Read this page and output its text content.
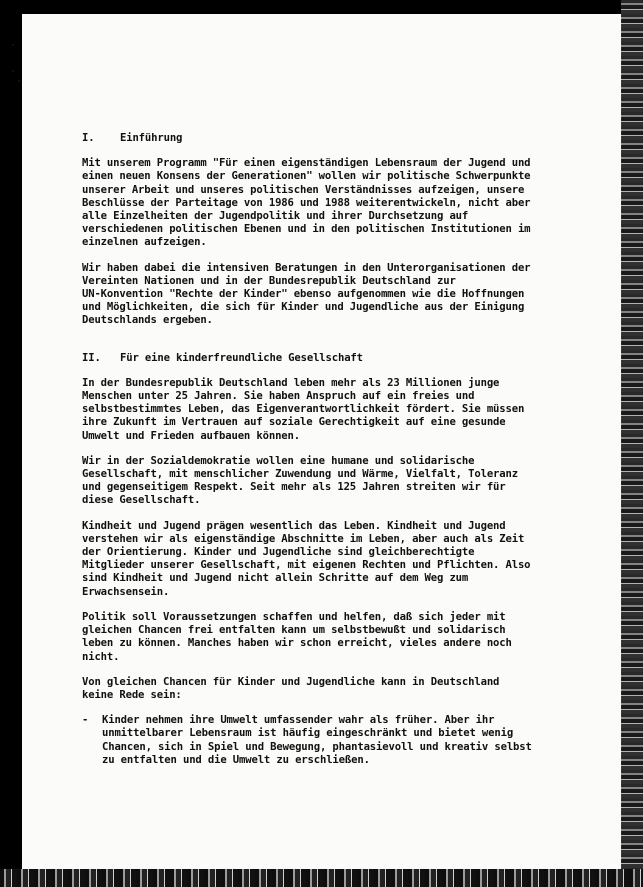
I.	Einführung
Mit unserem Programm "Für einen eigenständigen Lebensraum der Jugend und
einen neuen Konsens der Generationen" wollen wir politische Schwerpunkte
unserer Arbeit und unseres politischen Verständnisses aufzeigen, unsere
Beschlüsse der Parteitage von 1986 und 1988 weiterentwickeln, nicht aber
alle Einzelheiten der Jugendpolitik und ihrer Durchsetzung auf
verschiedenen politischen Ebenen und in den politischen Institutionen im
einzelnen aufzeigen.
Wir haben dabei die intensiven Beratungen in den Unterorganisationen der
Vereinten Nationen und in der Bundesrepublik Deutschland zur
UN-Konvention "Rechte der Kinder" ebenso aufgenommen wie die Hoffnungen
und Möglichkeiten, die sich für Kinder und Jugendliche aus der Einigung
Deutschlands ergeben.
II.	Für eine kinderfreundliche Gesellschaft
In der Bundesrepublik Deutschland leben mehr als 23 Millionen junge
Menschen unter 25 Jahren. Sie haben Anspruch auf ein freies und
selbstbestimmtes Leben, das Eigenverantwortlichkeit fördert. Sie müssen
ihre Zukunft im Vertrauen auf soziale Gerechtigkeit auf eine gesunde
Umwelt und Frieden aufbauen können.
Wir in der Sozialdemokratie wollen eine humane und solidarische
Gesellschaft, mit menschlicher Zuwendung und Wärme, Vielfalt, Toleranz
und gegenseitigem Respekt. Seit mehr als 125 Jahren streiten wir für
diese Gesellschaft.
Kindheit und Jugend prägen wesentlich das Leben. Kindheit und Jugend
verstehen wir als eigenständige Abschnitte im Leben, aber auch als Zeit
der Orientierung. Kinder und Jugendliche sind gleichberechtigte
Mitglieder unserer Gesellschaft, mit eigenen Rechten und Pflichten. Also
sind Kindheit und Jugend nicht allein Schritte auf dem Weg zum
Erwachsensein.
Politik soll Voraussetzungen schaffen und helfen, daß sich jeder mit
gleichen Chancen frei entfalten kann um selbstbewußt und solidarisch
leben zu können. Manches haben wir schon erreicht, vieles andere noch
nicht.
Von gleichen Chancen für Kinder und Jugendliche kann in Deutschland
keine Rede sein:
-	Kinder nehmen ihre Umwelt umfassender wahr als früher. Aber ihr
unmittelbarer Lebensraum ist häufig eingeschränkt und bietet wenig
Chancen, sich in Spiel und Bewegung, phantasievoll und kreativ selbst
zu entfalten und die Umwelt zu erschließen.
·

.
·
